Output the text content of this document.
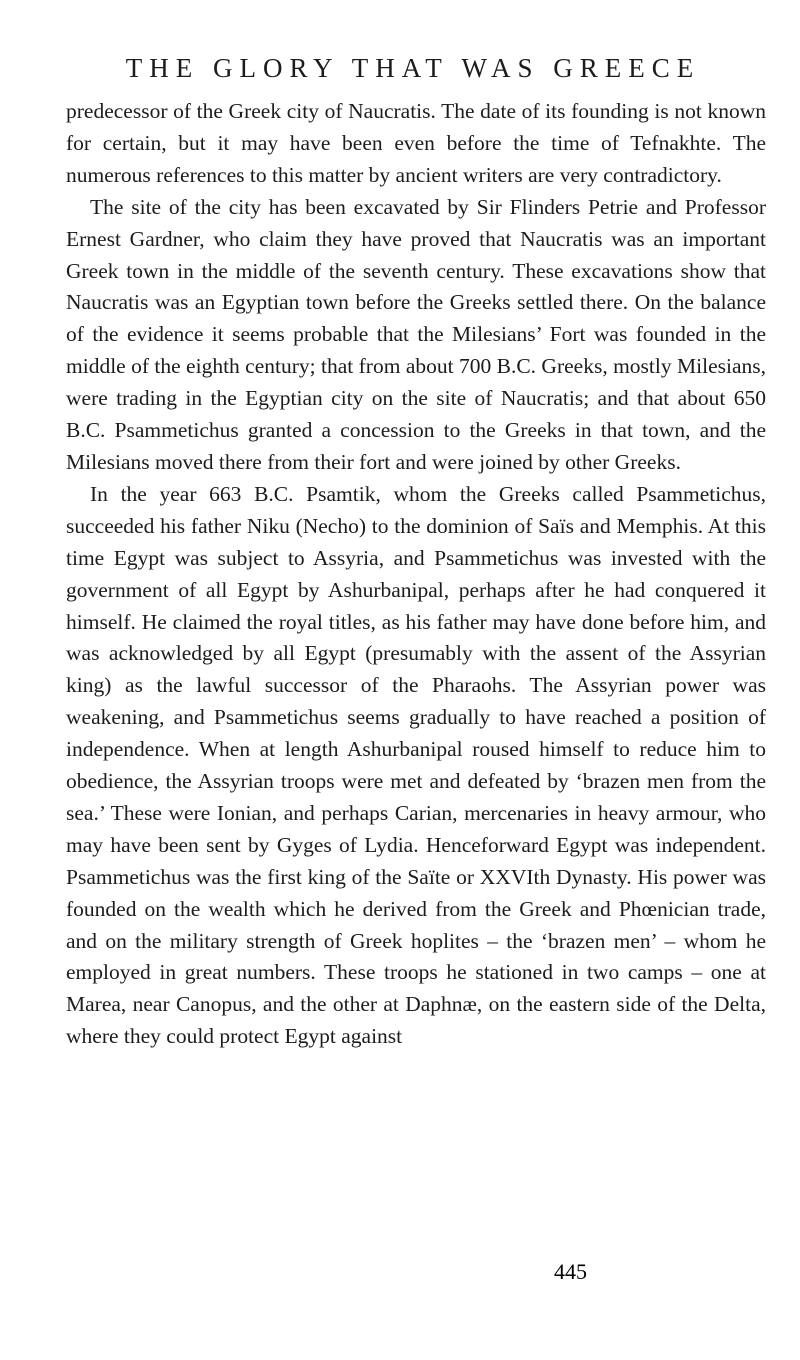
THE GLORY THAT WAS GREECE

predecessor of the Greek city of Naucratis. The date of its founding is not known for certain, but it may have been even before the time of Tefnakhte. The numerous references to this matter by ancient writers are very contradictory.

The site of the city has been excavated by Sir Flinders Petrie and Professor Ernest Gardner, who claim they have proved that Naucratis was an important Greek town in the middle of the seventh century. These excavations show that Naucratis was an Egyptian town before the Greeks settled there. On the balance of the evidence it seems probable that the Milesians’ Fort was founded in the middle of the eighth century; that from about 700 B.C. Greeks, mostly Milesians, were trading in the Egyptian city on the site of Naucratis; and that about 650 B.C. Psammetichus granted a concession to the Greeks in that town, and the Milesians moved there from their fort and were joined by other Greeks.

In the year 663 B.C. Psamtik, whom the Greeks called Psammetichus, succeeded his father Niku (Necho) to the dominion of Saïs and Memphis. At this time Egypt was subject to Assyria, and Psammetichus was invested with the government of all Egypt by Ashurbanipal, perhaps after he had conquered it himself. He claimed the royal titles, as his father may have done before him, and was acknowledged by all Egypt (presumably with the assent of the Assyrian king) as the lawful successor of the Pharaohs. The Assyrian power was weakening, and Psammetichus seems gradually to have reached a position of independence. When at length Ashurbanipal roused himself to reduce him to obedience, the Assyrian troops were met and defeated by ‘brazen men from the sea.’ These were Ionian, and perhaps Carian, mercenaries in heavy armour, who may have been sent by Gyges of Lydia. Henceforward Egypt was independent. Psammetichus was the first king of the Saïte or XXVIth Dynasty. His power was founded on the wealth which he derived from the Greek and Phœnician trade, and on the military strength of Greek hoplites – the ‘brazen men’ – whom he employed in great numbers. These troops he stationed in two camps – one at Marea, near Canopus, and the other at Daphnæ, on the eastern side of the Delta, where they could protect Egypt against

445
